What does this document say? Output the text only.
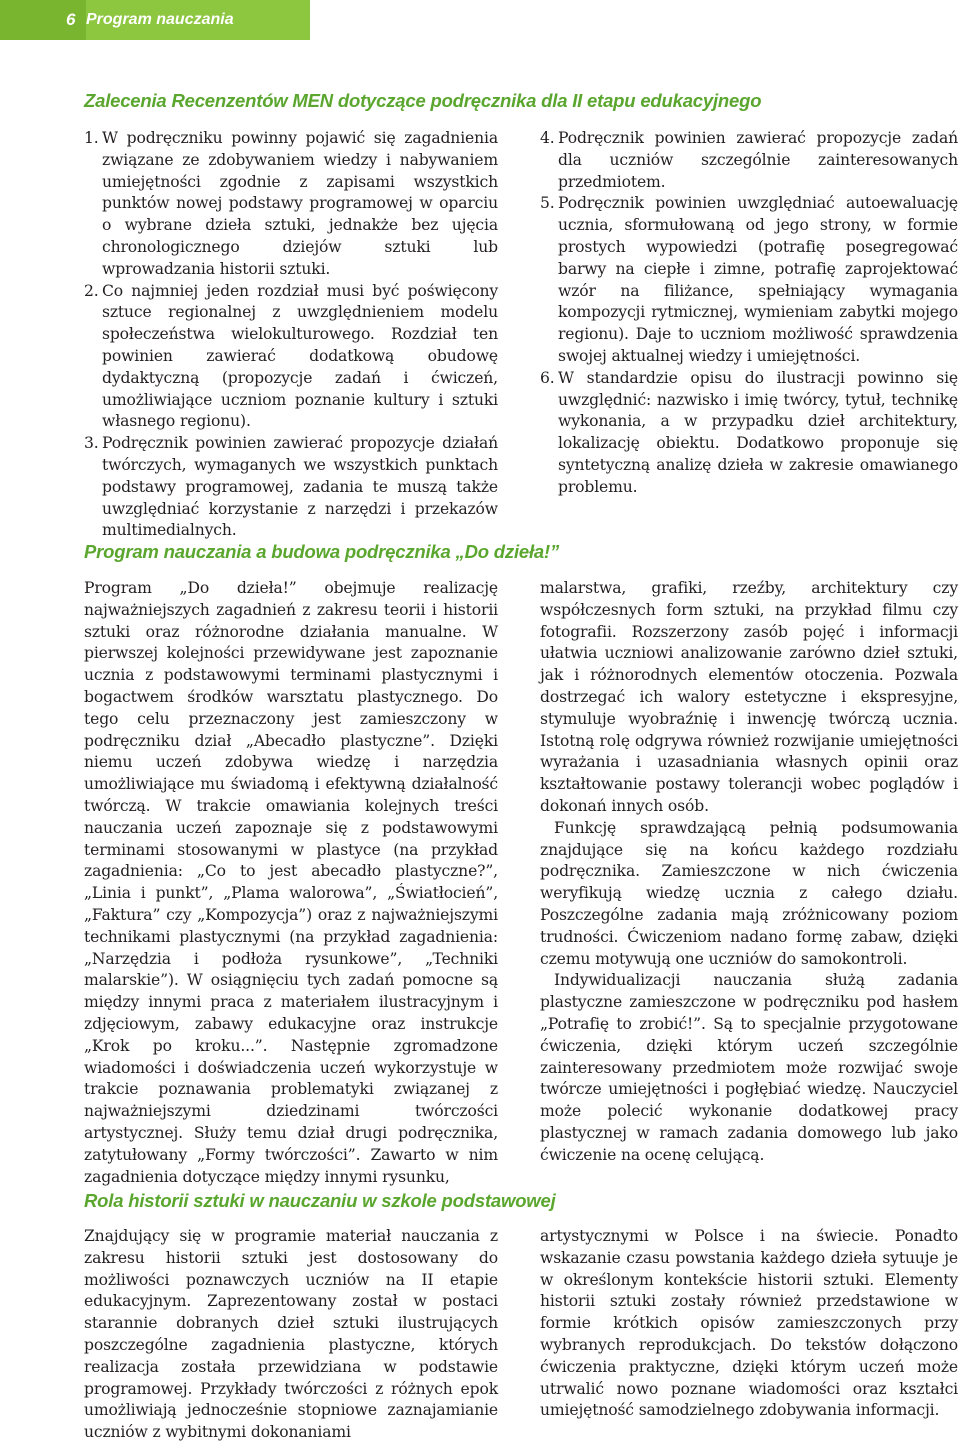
6 Program nauczania
Zalecenia Recenzentów MEN dotyczące podręcznika dla II etapu edukacyjnego
1. W podręczniku powinny pojawić się zagadnienia związane ze zdobywaniem wiedzy i nabywaniem umiejętności zgodnie z zapisami wszystkich punktów nowej podstawy programowej w oparciu o wybrane dzieła sztuki, jednakże bez ujęcia chronologicznego dziejów sztuki lub wprowadzania historii sztuki.
2. Co najmniej jeden rozdział musi być poświęcony sztuce regionalnej z uwzględnieniem modelu społeczeństwa wielokulturowego. Rozdział ten powinien zawierać dodatkową obudowę dydaktyczną (propozycje zadań i ćwiczeń, umożliwiające uczniom poznanie kultury i sztuki własnego regionu).
3. Podręcznik powinien zawierać propozycje działań twórczych, wymaganych we wszystkich punktach podstawy programowej, zadania te muszą także uwzględniać korzystanie z narzędzi i przekazów multimedialnych.
4. Podręcznik powinien zawierać propozycje zadań dla uczniów szczególnie zainteresowanych przedmiotem.
5. Podręcznik powinien uwzględniać autoewaluację ucznia, sformułowaną od jego strony, w formie prostych wypowiedzi (potrafię posegregować barwy na ciepłe i zimne, potrafię zaprojektować wzór na filiżance, spełniający wymagania kompozycji rytmicznej, wymieniam zabytki mojego regionu). Daje to uczniom możliwość sprawdzenia swojej aktualnej wiedzy i umiejętności.
6. W standardzie opisu do ilustracji powinno się uwzględnić: nazwisko i imię twórcy, tytuł, technikę wykonania, a w przypadku dzieł architektury, lokalizację obiektu. Dodatkowo proponuje się syntetyczną analizę dzieła w zakresie omawianego problemu.
Program nauczania a budowa podręcznika „Do dzieła!”

Program „Do dzieła!” obejmuje realizację najważniejszych zagadnień z zakresu teorii i historii sztuki oraz różnorodne działania manualne. W pierwszej kolejności przewidywane jest zapoznanie ucznia z podstawowymi terminami plastycznymi i bogactwem środków warsztatu plastycznego. Do tego celu przeznaczony jest zamieszczony w podręczniku dział „Abecadło plastyczne”. Dzięki niemu uczeń zdobywa wiedzę i narzędzia umożliwiające mu świadomą i efektywną działalność twórczą. W trakcie omawiania kolejnych treści nauczania uczeń zapoznaje się z podstawowymi terminami stosowanymi w plastyce (na przykład zagadnienia: „Co to jest abecadło plastyczne?”, „Linia i punkt”, „Plama walorowa”, „Światłocień”, „Faktura” czy „Kompozycja”) oraz z najważniejszymi technikami plastycznymi (na przykład zagadnienia: „Narzędzia i podłoża rysunkowe”, „Techniki malarskie”). W osiągnięciu tych zadań pomocne są między innymi praca z materiałem ilustracyjnym i zdjęciowym, zabawy edukacyjne oraz instrukcje „Krok po kroku...”. Następnie zgromadzone wiadomości i doświadczenia uczeń wykorzystuje w trakcie poznawania problematyki związanej z najważniejszymi dziedzinami twórczości artystycznej. Służy temu dział drugi podręcznika, zatytułowany „Formy twórczości”. Zawarto w nim zagadnienia dotyczące między innymi rysunku,

malarstwa, grafiki, rzeźby, architektury czy współczesnych form sztuki, na przykład filmu czy fotografii. Rozszerzony zasób pojęć i informacji ułatwia uczniowi analizowanie zarówno dzieł sztuki, jak i różnorodnych elementów otoczenia. Pozwala dostrzegać ich walory estetyczne i ekspresyjne, stymuluje wyobraźnię i inwencję twórczą ucznia. Istotną rolę odgrywa również rozwijanie umiejętności wyrażania i uzasadniania własnych opinii oraz kształtowanie postawy tolerancji wobec poglądów i dokonań innych osób.

Funkcję sprawdzającą pełnią podsumowania znajdujące się na końcu każdego rozdziału podręcznika. Zamieszczone w nich ćwiczenia weryfikują wiedzę ucznia z całego działu. Poszczególne zadania mają zróżnicowany poziom trudności. Ćwiczeniom nadano formę zabaw, dzięki czemu motywują one uczniów do samokontroli.

Indywidualizacji nauczania służą zadania plastyczne zamieszczone w podręczniku pod hasłem „Potrafię to zrobić!”. Są to specjalnie przygotowane ćwiczenia, dzięki którym uczeń szczególnie zainteresowany przedmiotem może rozwijać swoje twórcze umiejętności i pogłębiać wiedzę. Nauczyciel może polecić wykonanie dodatkowej pracy plastycznej w ramach zadania domowego lub jako ćwiczenie na ocenę celującą.

Rola historii sztuki w nauczaniu w szkole podstawowej

Znajdujący się w programie materiał nauczania z zakresu historii sztuki jest dostosowany do możliwości poznawczych uczniów na II etapie edukacyjnym. Zaprezentowany został w postaci starannie dobranych dzieł sztuki ilustrujących poszczególne zagadnienia plastyczne, których realizacja została przewidziana w podstawie programowej. Przykłady twórczości z różnych epok umożliwiają jednocześnie stopniowe zaznajamianie uczniów z wybitnymi dokonaniami

artystycznymi w Polsce i na świecie. Ponadto wskazanie czasu powstania każdego dzieła sytuuje je w określonym kontekście historii sztuki. Elementy historii sztuki zostały również przedstawione w formie krótkich opisów zamieszczonych przy wybranych reprodukcjach. Do tekstów dołączono ćwiczenia praktyczne, dzięki którym uczeń może utrwalić nowo poznane wiadomości oraz kształci umiejętność samodzielnego zdobywania informacji.
